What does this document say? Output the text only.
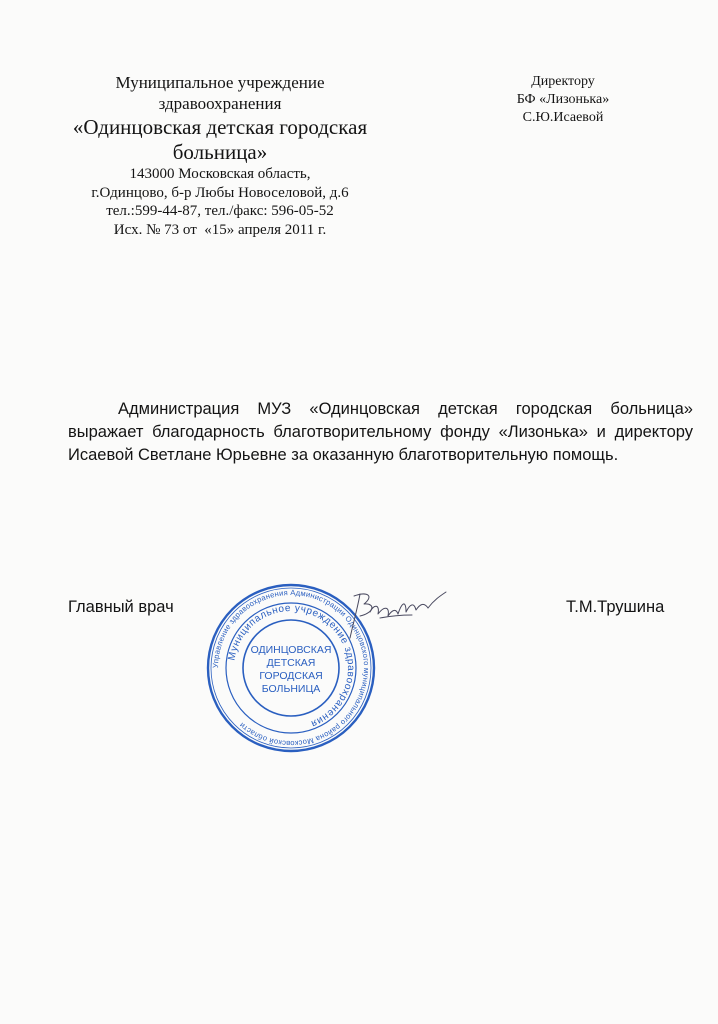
Муниципальное учреждение
здравоохранения
«Одинцовская детская городская
больница»
143000 Московская область,
г.Одинцово, б-р Любы Новоселовой, д.6
тел.:599-44-87, тел./факс: 596-05-52
Исх. № 73 от  «15» апреля 2011 г.
Директору
БФ «Лизонька»
С.Ю.Исаевой

Администрация МУЗ «Одинцовская детская городская больница» выражает благодарность благотворительному фонду «Лизонька» и директору Исаевой Светлане Юрьевне за оказанную благотворительную помощь.

Главный врач	Т.М.Трушина
Управление здравоохранения Администрации Одинцовского муниципального района Московской области
Муниципальное учреждение здравоохранения
ОДИНЦОВСКАЯ
ДЕТСКАЯ
ГОРОДСКАЯ
БОЛЬНИЦА
